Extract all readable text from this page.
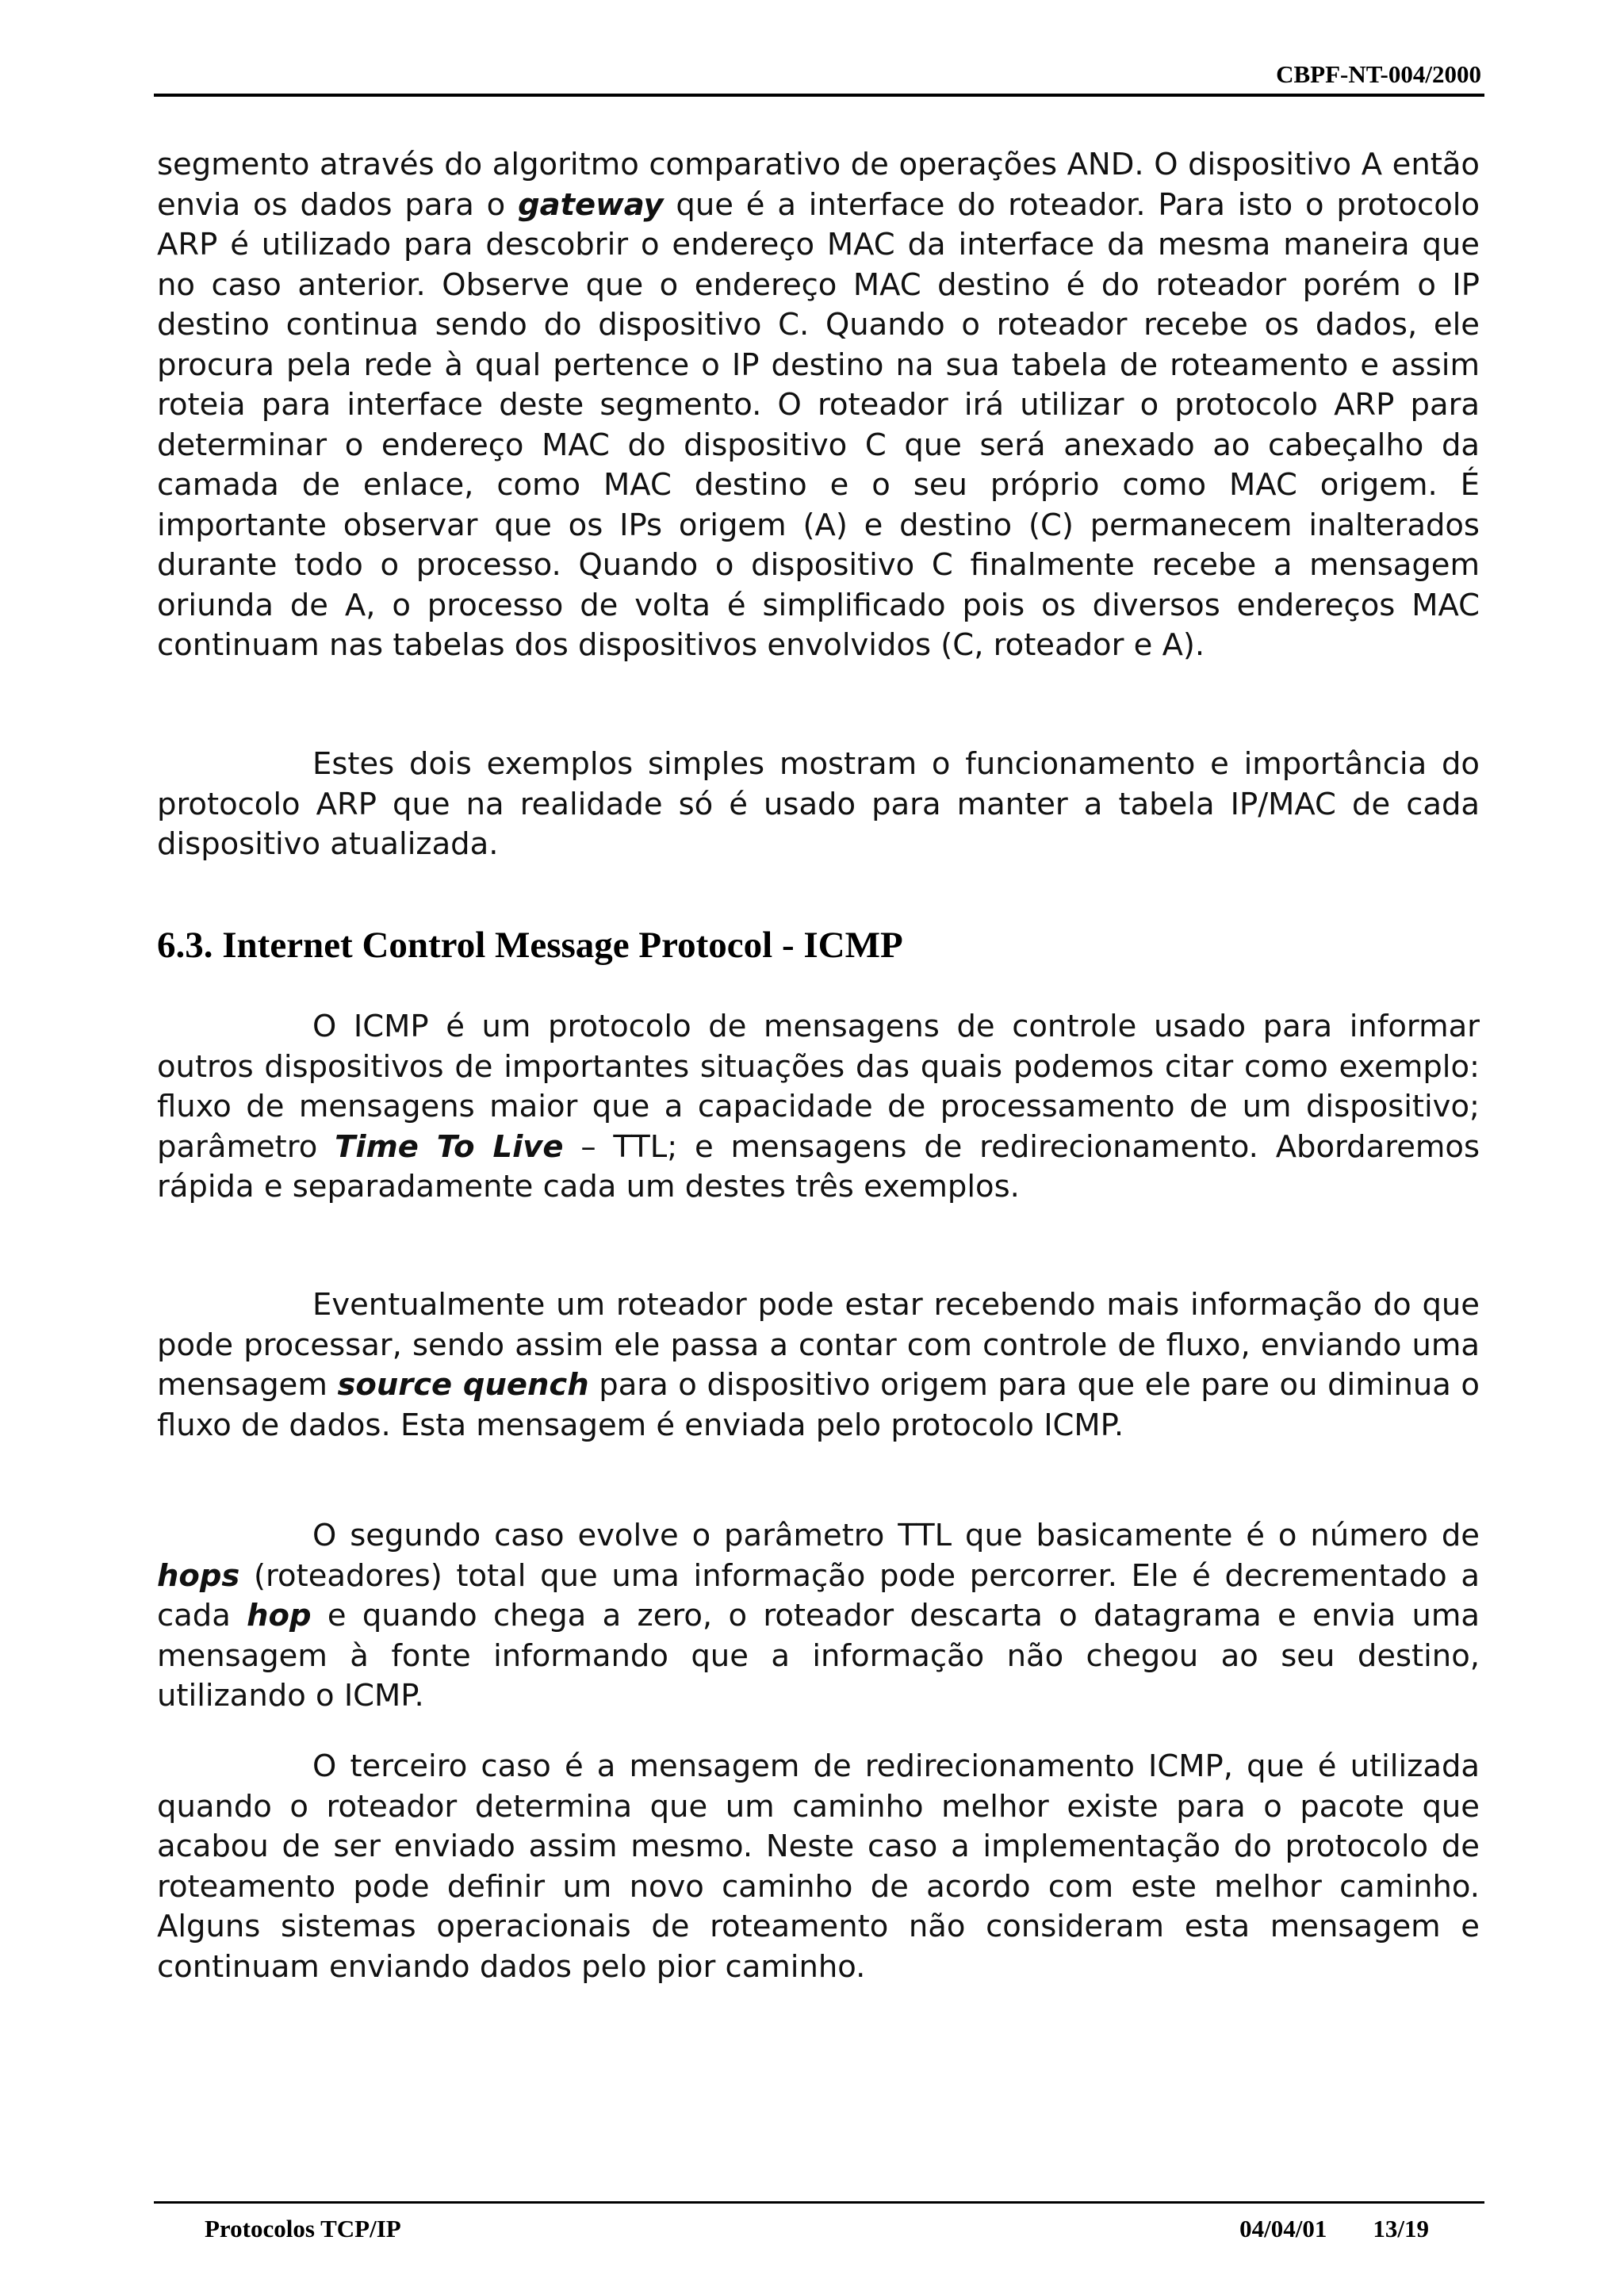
CBPF-NT-004/2000

segmento através do algoritmo comparativo de operações AND. O dispositivo A então envia os dados para o gateway que é a interface do roteador. Para isto o protocolo ARP é utilizado para descobrir o endereço MAC da interface da mesma maneira que no caso anterior. Observe que o endereço MAC destino é do roteador porém o IP destino continua sendo do dispositivo C. Quando o roteador recebe os dados, ele procura pela rede à qual pertence o IP destino na sua tabela de roteamento e assim roteia para interface deste segmento. O roteador irá utilizar o protocolo ARP para determinar o endereço MAC do dispositivo C que será anexado ao cabeçalho da camada de enlace, como MAC destino e o seu próprio como MAC origem. É importante observar que os IPs origem (A) e destino (C) permanecem inalterados durante todo o processo. Quando o dispositivo C finalmente recebe a mensagem oriunda de A, o processo de volta é simplificado pois os diversos endereços MAC continuam nas tabelas dos dispositivos envolvidos (C, roteador e A).

Estes dois exemplos simples mostram o funcionamento e importância do protocolo ARP que na realidade só é usado para manter a tabela IP/MAC de cada dispositivo atualizada.

6.3. Internet Control Message Protocol - ICMP

O ICMP é um protocolo de mensagens de controle usado para informar outros dispositivos de importantes situações das quais podemos citar como exemplo: fluxo de mensagens maior que a capacidade de processamento de um dispositivo; parâmetro Time To Live – TTL; e mensagens de redirecionamento. Abordaremos rápida e separadamente cada um destes três exemplos.

Eventualmente um roteador pode estar recebendo mais informação do que pode processar, sendo assim ele passa a contar com controle de fluxo, enviando uma mensagem source quench para o dispositivo origem para que ele pare ou diminua o fluxo de dados. Esta mensagem é enviada pelo protocolo ICMP.

O segundo caso evolve o parâmetro TTL que basicamente é o número de hops (roteadores) total que uma informação pode percorrer. Ele é decrementado a cada hop e quando chega a zero, o roteador descarta o datagrama e envia uma mensagem à fonte informando que a informação não chegou ao seu destino, utilizando o ICMP.

O terceiro caso é a mensagem de redirecionamento ICMP, que é utilizada quando o roteador determina que um caminho melhor existe para o pacote que acabou de ser enviado assim mesmo. Neste caso a implementação do protocolo de roteamento pode definir um novo caminho de acordo com este melhor caminho. Alguns sistemas operacionais de roteamento não consideram esta mensagem e continuam enviando dados pelo pior caminho.

Protocolos TCP/IP	04/04/01 13/19
